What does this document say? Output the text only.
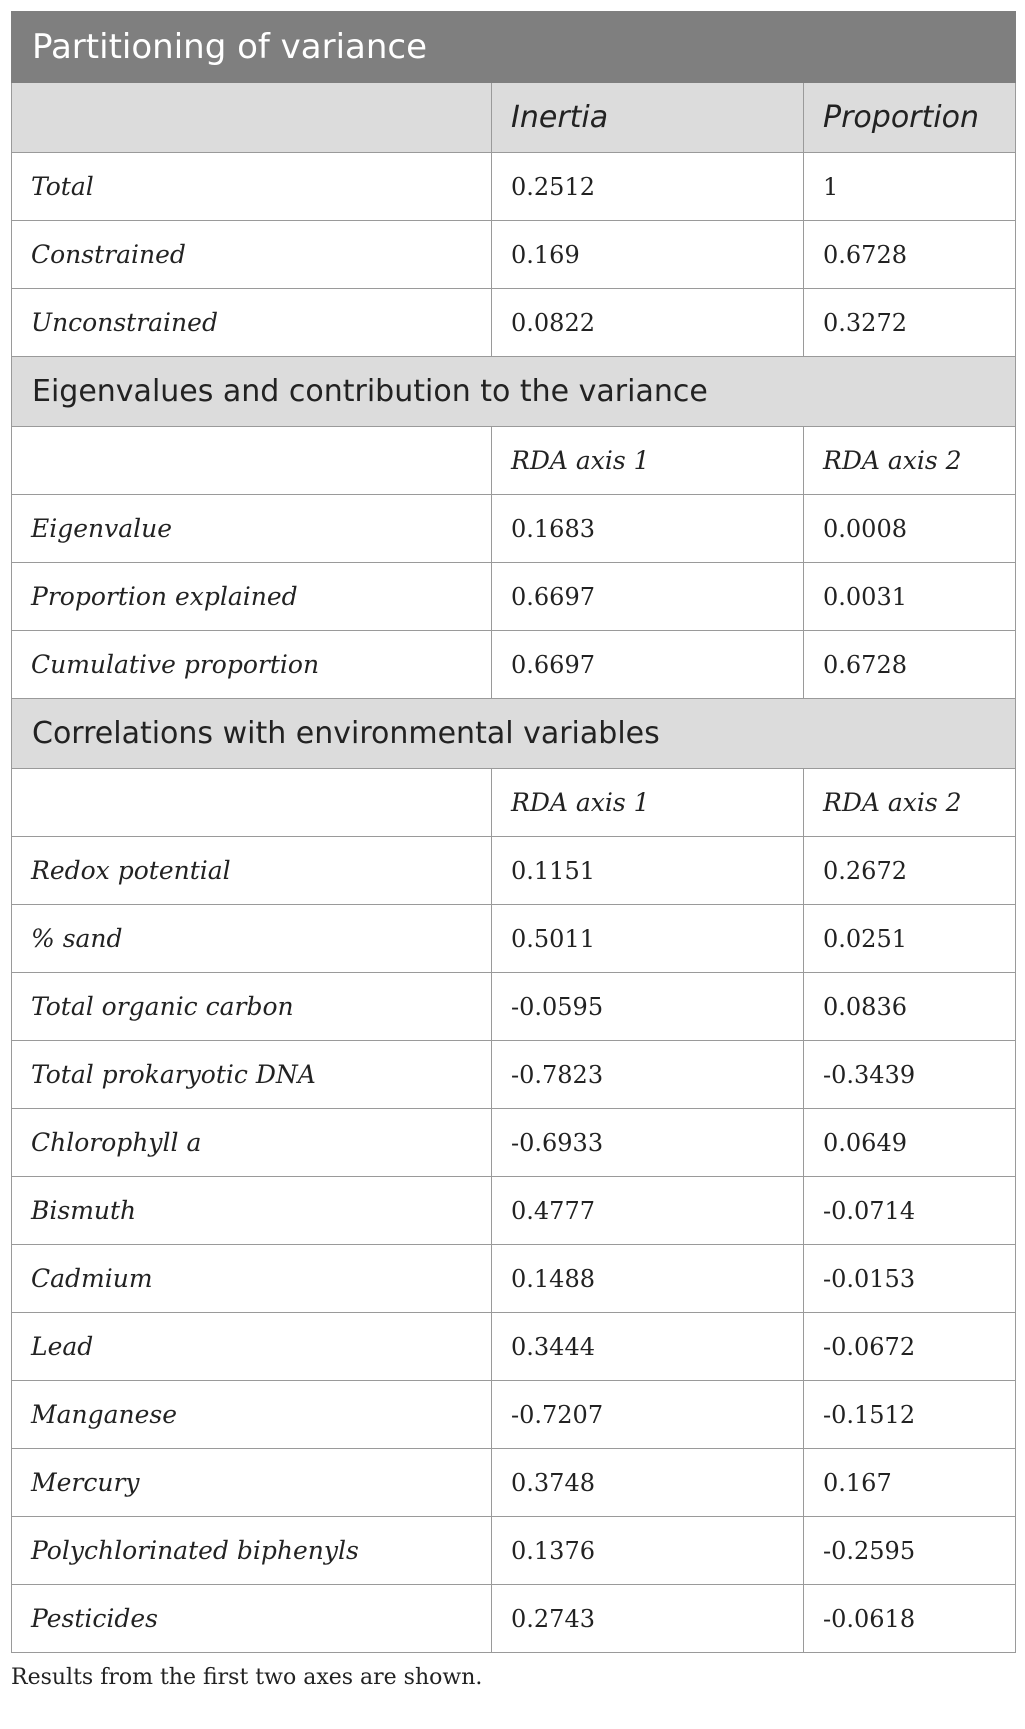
Partitioning of variance		
	Inertia	Proportion
Total	0.2512	1
Constrained	0.169	0.6728
Unconstrained	0.0822	0.3272
Eigenvalues and contribution to the variance		
	RDA axis 1	RDA axis 2
Eigenvalue	0.1683	0.0008
Proportion explained	0.6697	0.0031
Cumulative proportion	0.6697	0.6728
Correlations with environmental variables		
	RDA axis 1	RDA axis 2
Redox potential	0.1151	0.2672
% sand	0.5011	0.0251
Total organic carbon	-0.0595	0.0836
Total prokaryotic DNA	-0.7823	-0.3439
Chlorophyll a	-0.6933	0.0649
Bismuth	0.4777	-0.0714
Cadmium	0.1488	-0.0153
Lead	0.3444	-0.0672
Manganese	-0.7207	-0.1512
Mercury	0.3748	0.167
Polychlorinated biphenyls	0.1376	-0.2595
Pesticides	0.2743	-0.0618
Results from the first two axes are shown.
